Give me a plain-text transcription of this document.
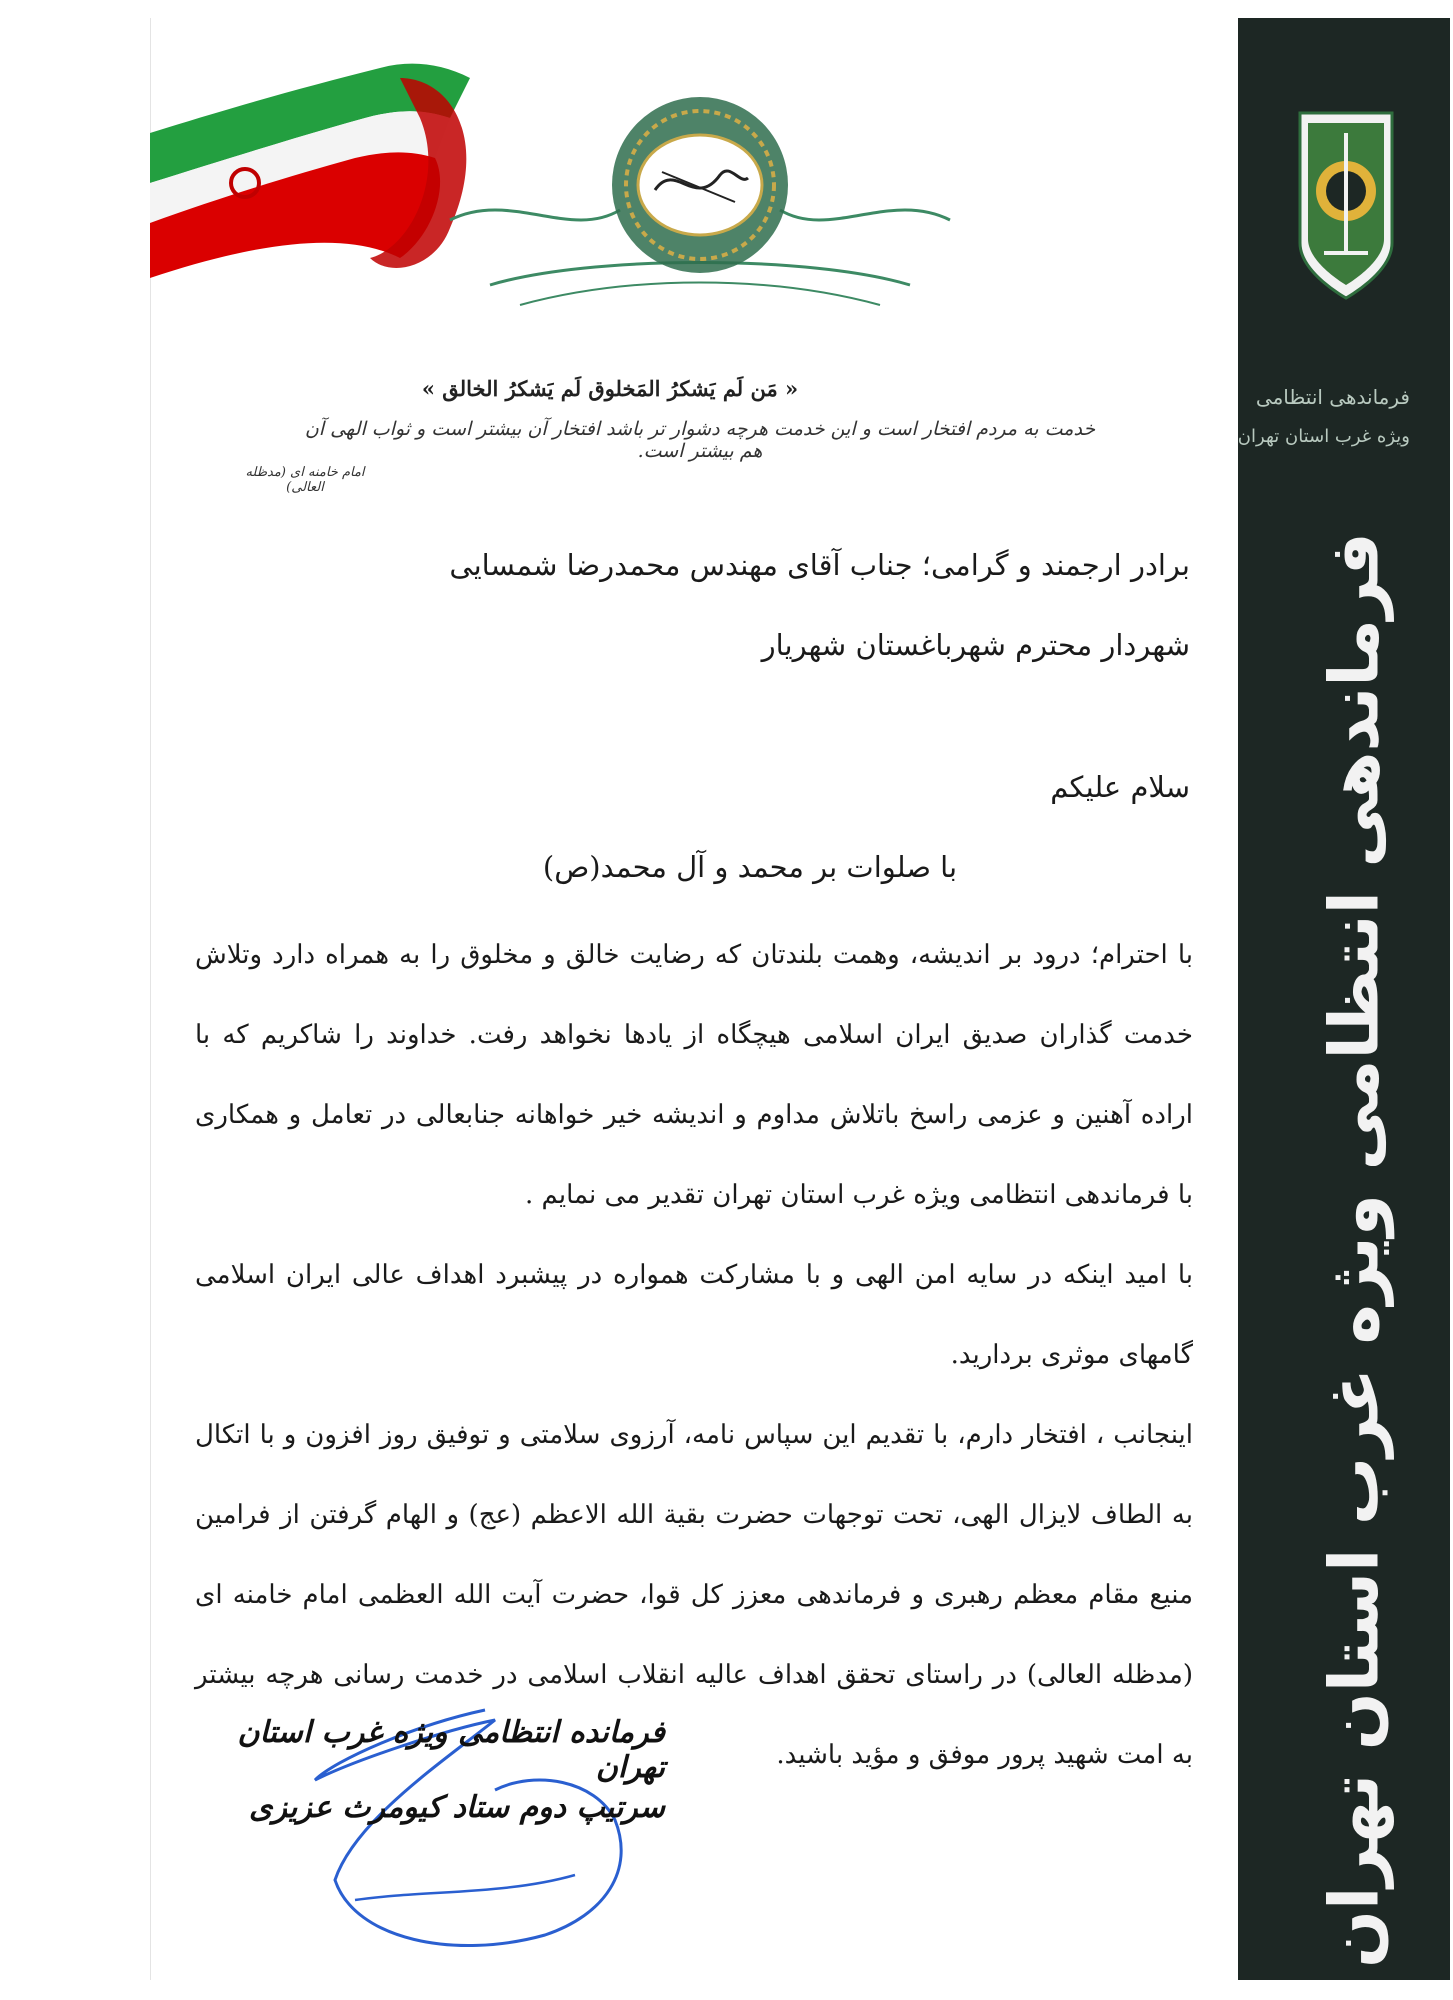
فرماندهی انتظامی
ویژه غرب استان تهران
فرماندهی انتظامی ویژه غرب استان تهران
« مَن لَم یَشکرُ المَخلوق لَم یَشکرُ الخالق »
خدمت به مردم افتخار است و این خدمت هرچه دشوار تر باشد افتخار آن بیشتر است و ثواب الهی آن هم بیشتر است.
امام خامنه ای (مدظله العالی)
برادر ارجمند و گرامی؛ جناب آقای مهندس محمدرضا شمسایی
شهردار محترم شهرباغستان شهریار
سلام علیکم
با صلوات بر محمد و آل محمد(ص)

با احترام؛ درود بر اندیشه، وهمت بلندتان که رضایت خالق و مخلوق را به همراه دارد وتلاش خدمت گذاران صدیق ایران اسلامی هیچگاه از یادها نخواهد رفت. خداوند را شاکریم که با اراده آهنین و عزمی راسخ باتلاش مداوم و اندیشه خیر خواهانه جنابعالی در تعامل و همکاری با فرماندهی انتظامی ویژه غرب استان تهران تقدیر می نمایم .

با امید اینکه در سایه امن الهی و با مشارکت همواره در پیشبرد اهداف عالی ایران اسلامی گامهای موثری بردارید.

اینجانب ، افتخار دارم، با تقدیم این سپاس نامه، آرزوی سلامتی و توفیق روز افزون و با اتکال به الطاف لایزال الهی، تحت توجهات حضرت بقیة الله الاعظم (عج) و الهام گرفتن از فرامین منیع مقام معظم رهبری و فرماندهی معزز کل قوا، حضرت آیت الله العظمی امام خامنه ای (مدظله العالی) در راستای تحقق اهداف عالیه انقلاب اسلامی در خدمت رسانی هرچه بیشتر به امت شهید پرور موفق و مؤید باشید.

فرمانده انتظامی ویژه غرب استان تهران
سرتیپ دوم ستاد کیومرث عزیزی
